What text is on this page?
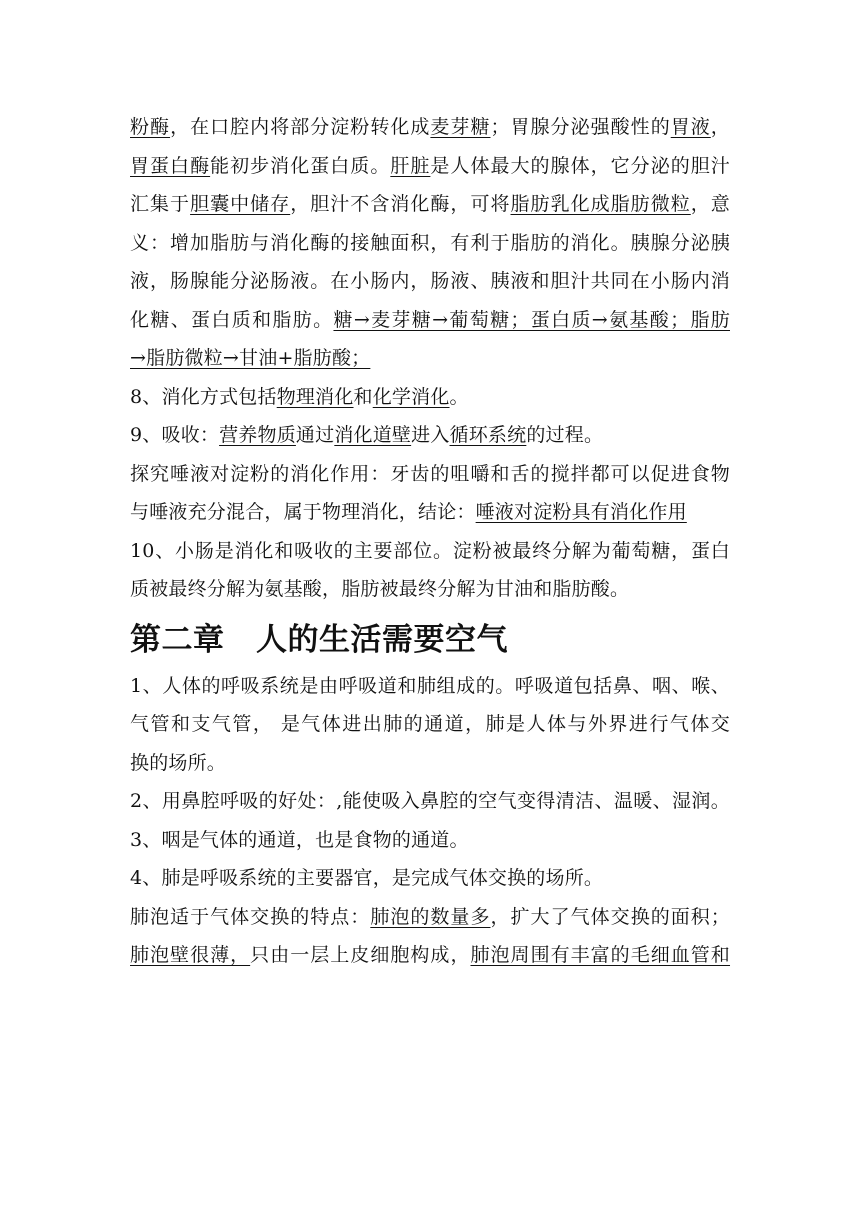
粉酶，在口腔内将部分淀粉转化成麦芽糖；胃腺分泌强酸性的胃液，
胃蛋白酶能初步消化蛋白质。肝脏是人体最大的腺体，它分泌的胆汁
汇集于胆囊中储存，胆汁不含消化酶，可将脂肪乳化成脂肪微粒，意
义：增加脂肪与消化酶的接触面积，有利于脂肪的消化。胰腺分泌胰
液，肠腺能分泌肠液。在小肠内，肠液、胰液和胆汁共同在小肠内消
化糖、蛋白质和脂肪。糖→麦芽糖→葡萄糖；蛋白质→氨基酸；脂肪
→脂肪微粒→甘油+脂肪酸；
8、消化方式包括物理消化和化学消化。
9、吸收：营养物质通过消化道壁进入循环系统的过程。
探究唾液对淀粉的消化作用：牙齿的咀嚼和舌的搅拌都可以促进食物
与唾液充分混合，属于物理消化，结论：唾液对淀粉具有消化作用
10、小肠是消化和吸收的主要部位。淀粉被最终分解为葡萄糖，蛋白
质被最终分解为氨基酸，脂肪被最终分解为甘油和脂肪酸。
第二章　人的生活需要空气
1、人体的呼吸系统是由呼吸道和肺组成的。呼吸道包括鼻、咽、喉、
气管和支气管， 是气体进出肺的通道，肺是人体与外界进行气体交
换的场所。
2、用鼻腔呼吸的好处：,能使吸入鼻腔的空气变得清洁、温暖、湿润。
3、咽是气体的通道，也是食物的通道。
4、肺是呼吸系统的主要器官，是完成气体交换的场所。
肺泡适于气体交换的特点：肺泡的数量多，扩大了气体交换的面积；
肺泡壁很薄，只由一层上皮细胞构成，肺泡周围有丰富的毛细血管和
